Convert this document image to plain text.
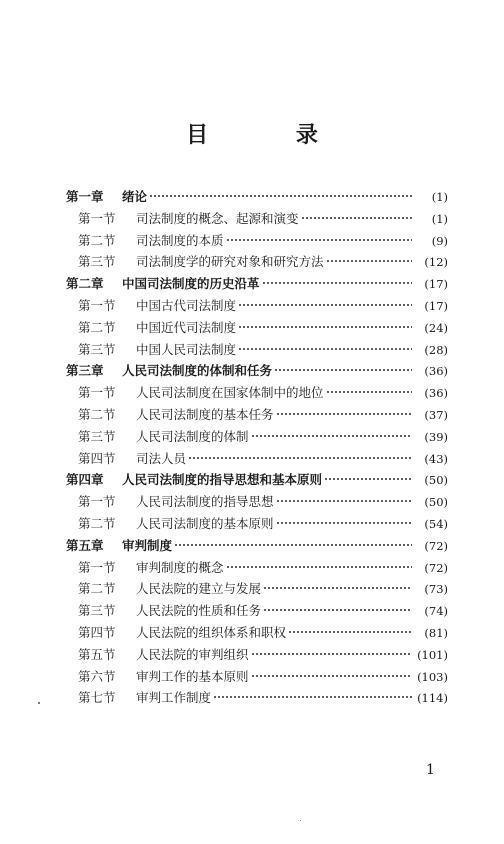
目 录
第一章	绪论	(1)
第一节	司法制度的概念、起源和演变	(1)
第二节	司法制度的本质	(9)
第三节	司法制度学的研究对象和研究方法	(12)
第二章	中国司法制度的历史沿革	(17)
第一节	中国古代司法制度	(17)
第二节	中国近代司法制度	(24)
第三节	中国人民司法制度	(28)
第三章	人民司法制度的体制和任务	(36)
第一节	人民司法制度在国家体制中的地位	(36)
第二节	人民司法制度的基本任务	(37)
第三节	人民司法制度的体制	(39)
第四节	司法人员	(43)
第四章	人民司法制度的指导思想和基本原则	(50)
第一节	人民司法制度的指导思想	(50)
第二节	人民司法制度的基本原则	(54)
第五章	审判制度	(72)
第一节	审判制度的概念	(72)
第二节	人民法院的建立与发展	(73)
第三节	人民法院的性质和任务	(74)
第四节	人民法院的组织体系和职权	(81)
第五节	人民法院的审判组织	(101)
第六节	审判工作的基本原则	(103)
第七节	审判工作制度	(114)
1
